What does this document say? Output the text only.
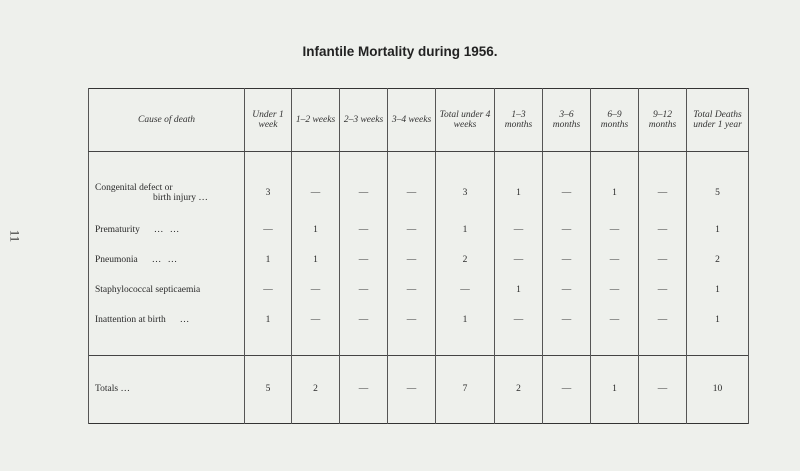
11
Infantile Mortality during 1956.
Cause of death	Under 1 week	1–2 weeks	2–3 weeks	3–4 weeks	Total under 4 weeks	1–3 months	3–6 months	6–9 months	9–12 months	Total Deaths under 1 year

Congenital defect or
birth injury …	3	—	—	—	3	1	—	1	—	5
Prematurity … …	—	1	—	—	1	—	—	—	—	1
Pneumonia … …	1	1	—	—	2	—	—	—	—	2
Staphylococcal septicaemia	—	—	—	—	—	1	—	—	—	1
Inattention at birth …	1	—	—	—	1	—	—	—	—	1

Totals …	5	2	—	—	7	2	—	1	—	10
